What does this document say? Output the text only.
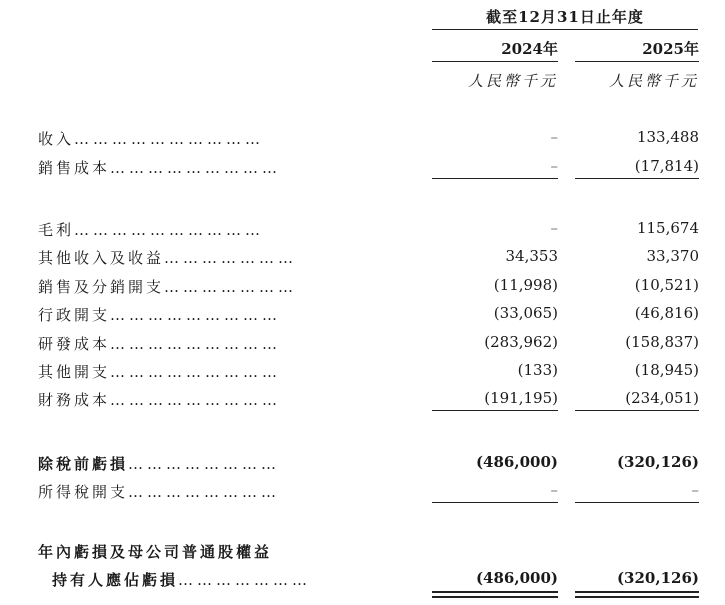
截至12月31日止年度
2024年	2025年
人民幣千元	人民幣千元
收入…………………………	–	133,488
銷售成本………………………	–	(17,814)
毛利…………………………	–	115,674
其他收入及收益…………………	34,353	33,370
銷售及分銷開支…………………	(11,998)	(10,521)
行政開支………………………	(33,065)	(46,816)
研發成本………………………	(283,962)	(158,837)
其他開支………………………	(133)	(18,945)
財務成本………………………	(191,195)	(234,051)
除稅前虧損……………………	(486,000)	(320,126)
所得稅開支……………………	–	–
年內虧損及母公司普通股權益
持有人應佔虧損…………………	(486,000)	(320,126)
